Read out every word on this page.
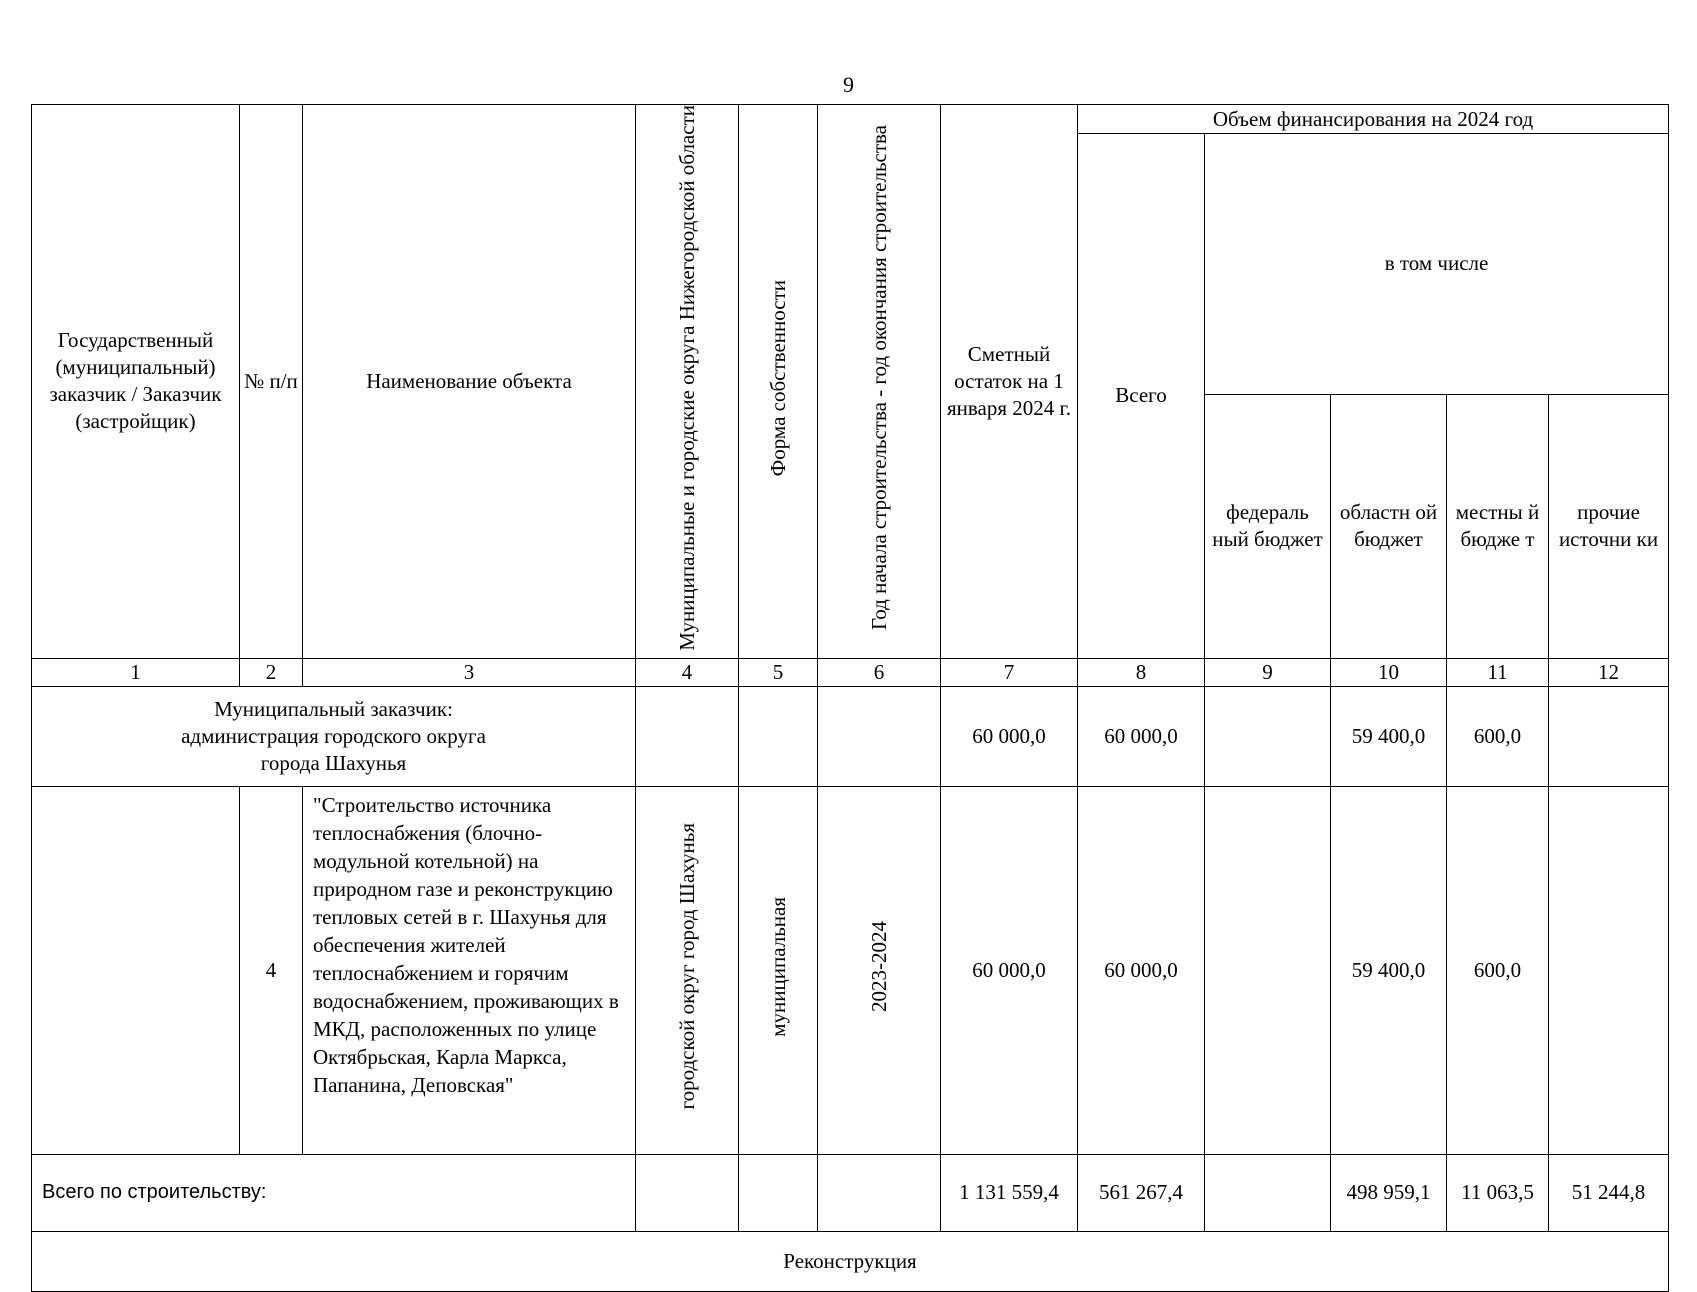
9
Государственный (муниципальный) заказчик / Заказчик (застройщик)	№ п/п	Наименование объекта	Муниципальные и городские округа Нижегородской области	Форма собственности	Год начала строительства - год окончания строительства	Сметный остаток на 1 января 2024 г.	Объем финансирования на 2024 год				
							Всего	в том числе			
								федераль ный бюджет	областн ой бюджет	местны й бюдже т	прочие источни ки
1	2	3	4	5	6	7	8	9	10	11	12
Муниципальный заказчик:
администрация городского округа
города Шахунья						60 000,0	60 000,0		59 400,0	600,0	
	4	"Строительство источника теплоснабжения (блочно-модульной котельной) на природном газе и реконструкцию тепловых сетей в г. Шахунья для обеспечения жителей теплоснабжением и горячим водоснабжением, проживающих в МКД, расположенных по улице Октябрьская, Карла Маркса, Папанина, Деповская"	городской округ город Шахунья	муниципальная	2023-2024	60 000,0	60 000,0		59 400,0	600,0	
Всего по строительству:						1 131 559,4	561 267,4		498 959,1	11 063,5	51 244,8
Реконструкция											
